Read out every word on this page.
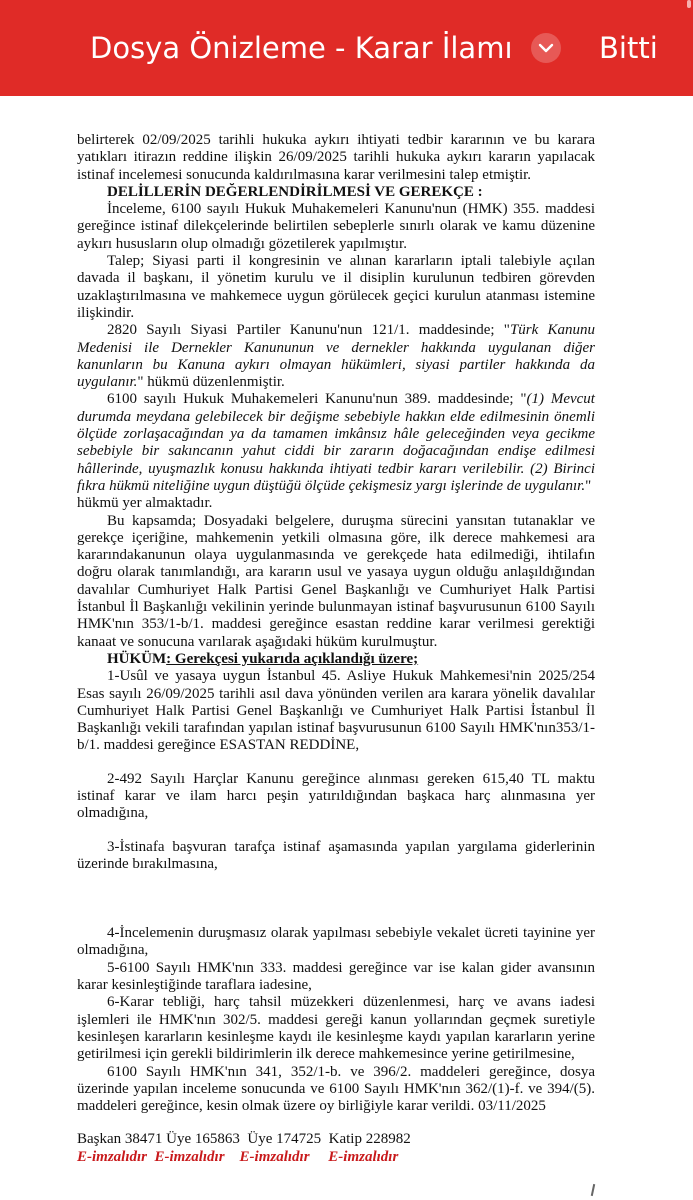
Dosya Önizleme - Karar İlamı	Bitti

belirterek 02/09/2025 tarihli hukuka aykırı ihtiyati tedbir kararının ve bu karara

yatıkları itirazın reddine ilişkin 26/09/2025 tarihli hukuka aykırı kararın yapılacak

istinaf incelemesi sonucunda kaldırılmasına karar verilmesini talep etmiştir.

DELİLLERİN DEĞERLENDİRİLMESİ VE GEREKÇE :

İnceleme, 6100 sayılı Hukuk Muhakemeleri Kanunu'nun (HMK) 355. maddesi

gereğince istinaf dilekçelerinde belirtilen sebeplerle sınırlı olarak ve kamu düzenine

aykırı hususların olup olmadığı gözetilerek yapılmıştır.

Talep; Siyasi parti il kongresinin ve alınan kararların iptali talebiyle açılan

davada il başkanı, il yönetim kurulu ve il disiplin kurulunun tedbiren görevden

uzaklaştırılmasına ve mahkemece uygun görülecek geçici kurulun atanması istemine

ilişkindir.

2820 Sayılı Siyasi Partiler Kanunu'nun 121/1. maddesinde; "Türk Kanunu

Medenisi ile Dernekler Kanununun ve dernekler hakkında uygulanan diğer

kanunların bu Kanuna aykırı olmayan hükümleri, siyasi partiler hakkında da

uygulanır." hükmü düzenlenmiştir.

6100 sayılı Hukuk Muhakemeleri Kanunu'nun 389. maddesinde; "(1) Mevcut

durumda meydana gelebilecek bir değişme sebebiyle hakkın elde edilmesinin önemli

ölçüde zorlaşacağından ya da tamamen imkânsız hâle geleceğinden veya gecikme

sebebiyle bir sakıncanın yahut ciddi bir zararın doğacağından endişe edilmesi

hâllerinde, uyuşmazlık konusu hakkında ihtiyati tedbir kararı verilebilir. (2) Birinci

fıkra hükmü niteliğine uygun düştüğü ölçüde çekişmesiz yargı işlerinde de uygulanır."

hükmü yer almaktadır.

Bu kapsamda; Dosyadaki belgelere, duruşma sürecini yansıtan tutanaklar ve

gerekçe içeriğine, mahkemenin yetkili olmasına göre, ilk derece mahkemesi ara

kararındakanunun olaya uygulanmasında ve gerekçede hata edilmediği, ihtilafın

doğru olarak tanımlandığı, ara kararın usul ve yasaya uygun olduğu anlaşıldığından

davalılar Cumhuriyet Halk Partisi Genel Başkanlığı ve Cumhuriyet Halk Partisi

İstanbul İl Başkanlığı vekilinin yerinde bulunmayan istinaf başvurusunun 6100 Sayılı

HMK'nın 353/1-b/1. maddesi gereğince esastan reddine karar verilmesi gerektiği

kanaat ve sonucuna varılarak aşağıdaki hüküm kurulmuştur.

HÜKÜM: Gerekçesi yukarıda açıklandığı üzere;

1-Usûl ve yasaya uygun İstanbul 45. Asliye Hukuk Mahkemesi'nin 2025/254

Esas sayılı 26/09/2025 tarihli asıl dava yönünden verilen ara karara yönelik davalılar

Cumhuriyet Halk Partisi Genel Başkanlığı ve Cumhuriyet Halk Partisi İstanbul İl

Başkanlığı vekili tarafından yapılan istinaf başvurusunun 6100 Sayılı HMK'nın353/1-

b/1. maddesi gereğince ESASTAN REDDİNE,

2-492 Sayılı Harçlar Kanunu gereğince alınması gereken 615,40 TL maktu

istinaf karar ve ilam harcı peşin yatırıldığından başkaca harç alınmasına yer

olmadığına,

3-İstinafa başvuran tarafça istinaf aşamasında yapılan yargılama giderlerinin

üzerinde bırakılmasına,

4-İncelemenin duruşmasız olarak yapılması sebebiyle vekalet ücreti tayinine yer

olmadığına,

5-6100 Sayılı HMK'nın 333. maddesi gereğince var ise kalan gider avansının

karar kesinleştiğinde taraflara iadesine,

6-Karar tebliği, harç tahsil müzekkeri düzenlenmesi, harç ve avans iadesi

işlemleri ile HMK'nın 302/5. maddesi gereği kanun yollarından geçmek suretiyle

kesinleşen kararların kesinleşme kaydı ile kesinleşme kaydı yapılan kararların yerine

getirilmesi için gerekli bildirimlerin ilk derece mahkemesince yerine getirilmesine,

6100 Sayılı HMK'nın 341, 352/1-b. ve 396/2. maddeleri gereğince, dosya

üzerinde yapılan inceleme sonucunda ve 6100 Sayılı HMK'nın 362/(1)-f. ve 394/(5).

maddeleri gereğince, kesin olmak üzere oy birliğiyle karar verildi. 03/11/2025

Başkan 38471 Üye 165863  Üye 174725  Katip 228982

E-imzalıdır E-imzalıdır E-imzalıdır E-imzalıdır
